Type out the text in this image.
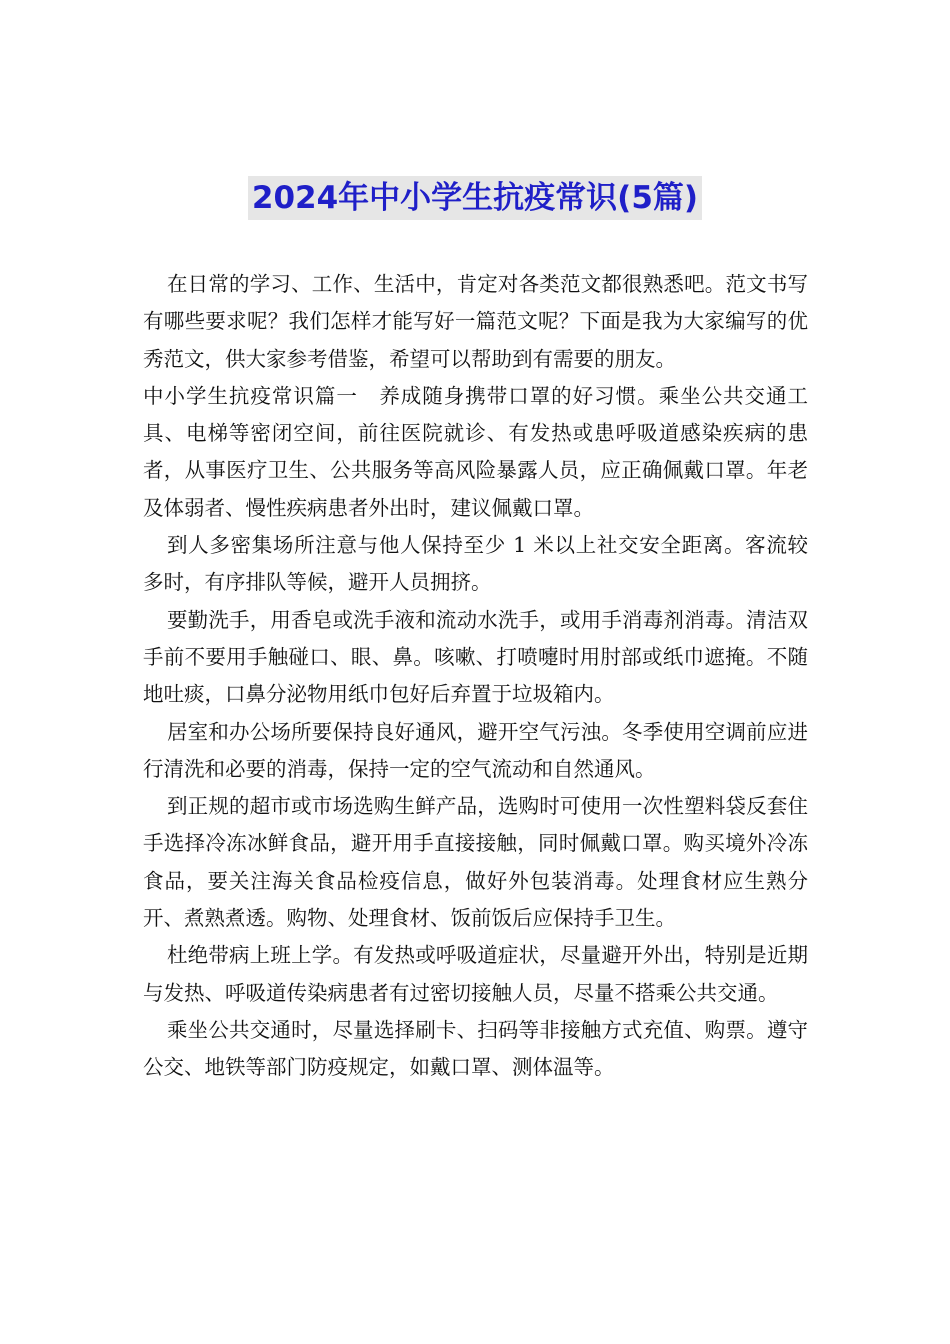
2024年中小学生抗疫常识(5篇)

在日常的学习、工作、生活中，肯定对各类范文都很熟悉吧。范文书写有哪些要求呢？我们怎样才能写好一篇范文呢？下面是我为大家编写的优秀范文，供大家参考借鉴，希望可以帮助到有需要的朋友。

中小学生抗疫常识篇一　养成随身携带口罩的好习惯。乘坐公共交通工具、电梯等密闭空间，前往医院就诊、有发热或患呼吸道感染疾病的患者，从事医疗卫生、公共服务等高风险暴露人员，应正确佩戴口罩。年老及体弱者、慢性疾病患者外出时，建议佩戴口罩。

到人多密集场所注意与他人保持至少 1 米以上社交安全距离。客流较多时，有序排队等候，避开人员拥挤。

要勤洗手，用香皂或洗手液和流动水洗手，或用手消毒剂消毒。清洁双手前不要用手触碰口、眼、鼻。咳嗽、打喷嚏时用肘部或纸巾遮掩。不随地吐痰，口鼻分泌物用纸巾包好后弃置于垃圾箱内。

居室和办公场所要保持良好通风，避开空气污浊。冬季使用空调前应进行清洗和必要的消毒，保持一定的空气流动和自然通风。

到正规的超市或市场选购生鲜产品，选购时可使用一次性塑料袋反套住手选择冷冻冰鲜食品，避开用手直接接触，同时佩戴口罩。购买境外冷冻食品，要关注海关食品检疫信息，做好外包装消毒。处理食材应生熟分开、煮熟煮透。购物、处理食材、饭前饭后应保持手卫生。

杜绝带病上班上学。有发热或呼吸道症状，尽量避开外出，特别是近期与发热、呼吸道传染病患者有过密切接触人员，尽量不搭乘公共交通。

乘坐公共交通时，尽量选择刷卡、扫码等非接触方式充值、购票。遵守公交、地铁等部门防疫规定，如戴口罩、测体温等。
